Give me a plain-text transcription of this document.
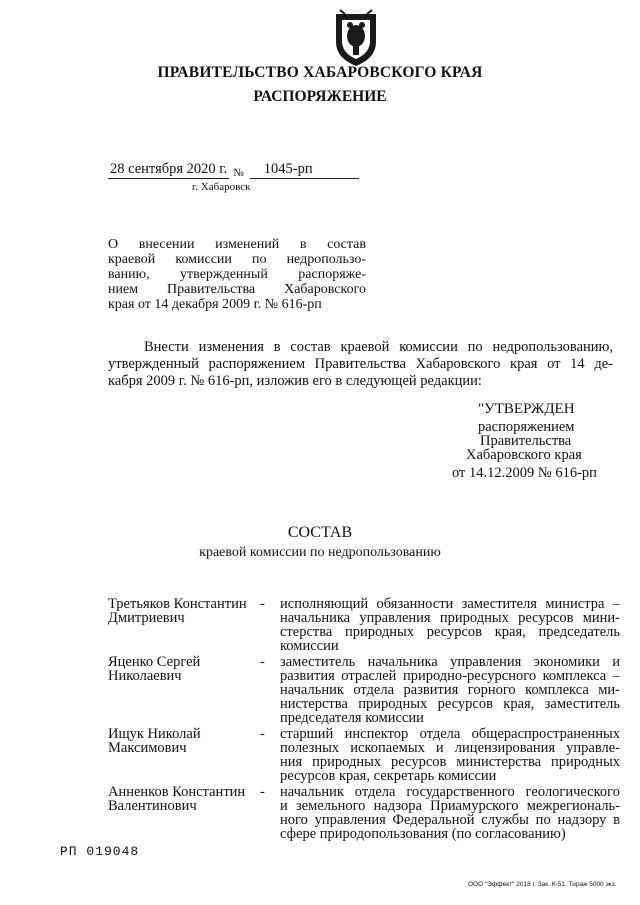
ПРАВИТЕЛЬСТВО ХАБАРОВСКОГО КРАЯ
РАСПОРЯЖЕНИЕ
28 сентября 2020 г. $_№$ 1045-рп
г. Хабаровск
О внесении изменений в состав
краевой комиссии по недропользо-
ванию, утвержденный распоряже-
нием Правительства Хабаровского
края от 14 декабря 2009 г. № 616-рп
Внести изменения в состав краевой комиссии по недропользованию,
утвержденный распоряжением Правительства Хабаровского края от 14 де-
кабря 2009 г. № 616-рп, изложив его в следующей редакции:
"УТВЕРЖДЕН
распоряжением
Правительства
Хабаровского края
от 14.12.2009 № 616-рп
СОСТАВ
краевой комиссии по недропользованию
Третьяков Константин
Дмитриевич
- исполняющий обязанности заместителя министра –
начальника управления природных ресурсов мини-
стерства природных ресурсов края, председатель
комиссии
Яценко Сергей
Николаевич
- заместитель начальника управления экономики и
развития отраслей природно-ресурсного комплекса –
начальник отдела развития горного комплекса ми-
нистерства природных ресурсов края, заместитель
председателя комиссии
Ищук Николай
Максимович
- старший инспектор отдела общераспространенных
полезных ископаемых и лицензирования управле-
ния природных ресурсов министерства природных
ресурсов края, секретарь комиссии
Анненков Константин
Валентинович
- начальник отдела государственного геологического
и земельного надзора Приамурского межрегиональ-
ного управления Федеральной службы по надзору в
сфере природопользования (по согласованию)
РП 019048
ООО "Эффект" 2018 г. Зак. К-51. Тираж 5000 экз.
